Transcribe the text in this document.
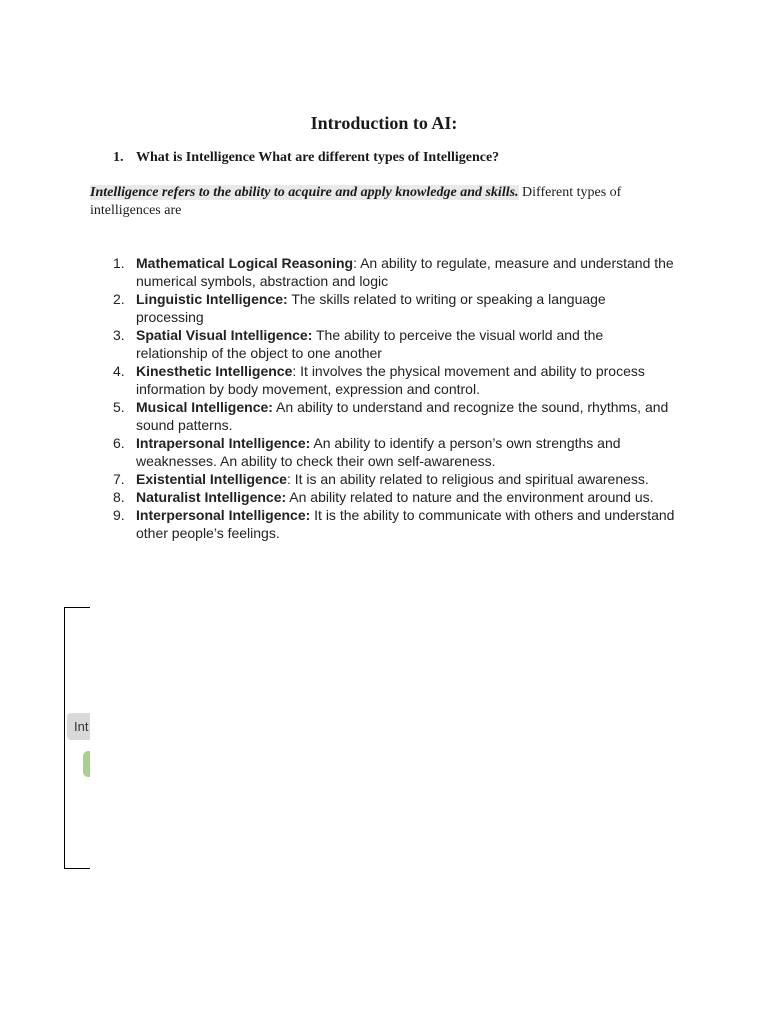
Introduction to AI:
1. What is Intelligence What are different types of Intelligence?

Intelligence refers to the ability to acquire and apply knowledge and skills. Different types of intelligences are

1. Mathematical Logical Reasoning: An ability to regulate, measure and understand the numerical symbols, abstraction and logic
2. Linguistic Intelligence: The skills related to writing or speaking a language processing
3. Spatial Visual Intelligence: The ability to perceive the visual world and the relationship of the object to one another
4. Kinesthetic Intelligence: It involves the physical movement and ability to process information by body movement, expression and control.
5. Musical Intelligence: An ability to understand and recognize the sound, rhythms, and sound patterns.
6. Intrapersonal Intelligence: An ability to identify a person’s own strengths and weaknesses. An ability to check their own self-awareness.
7. Existential Intelligence: It is an ability related to religious and spiritual awareness.
8. Naturalist Intelligence: An ability related to nature and the environment around us.
9. Interpersonal Intelligence: It is the ability to communicate with others and understand other people’s feelings.
Int
